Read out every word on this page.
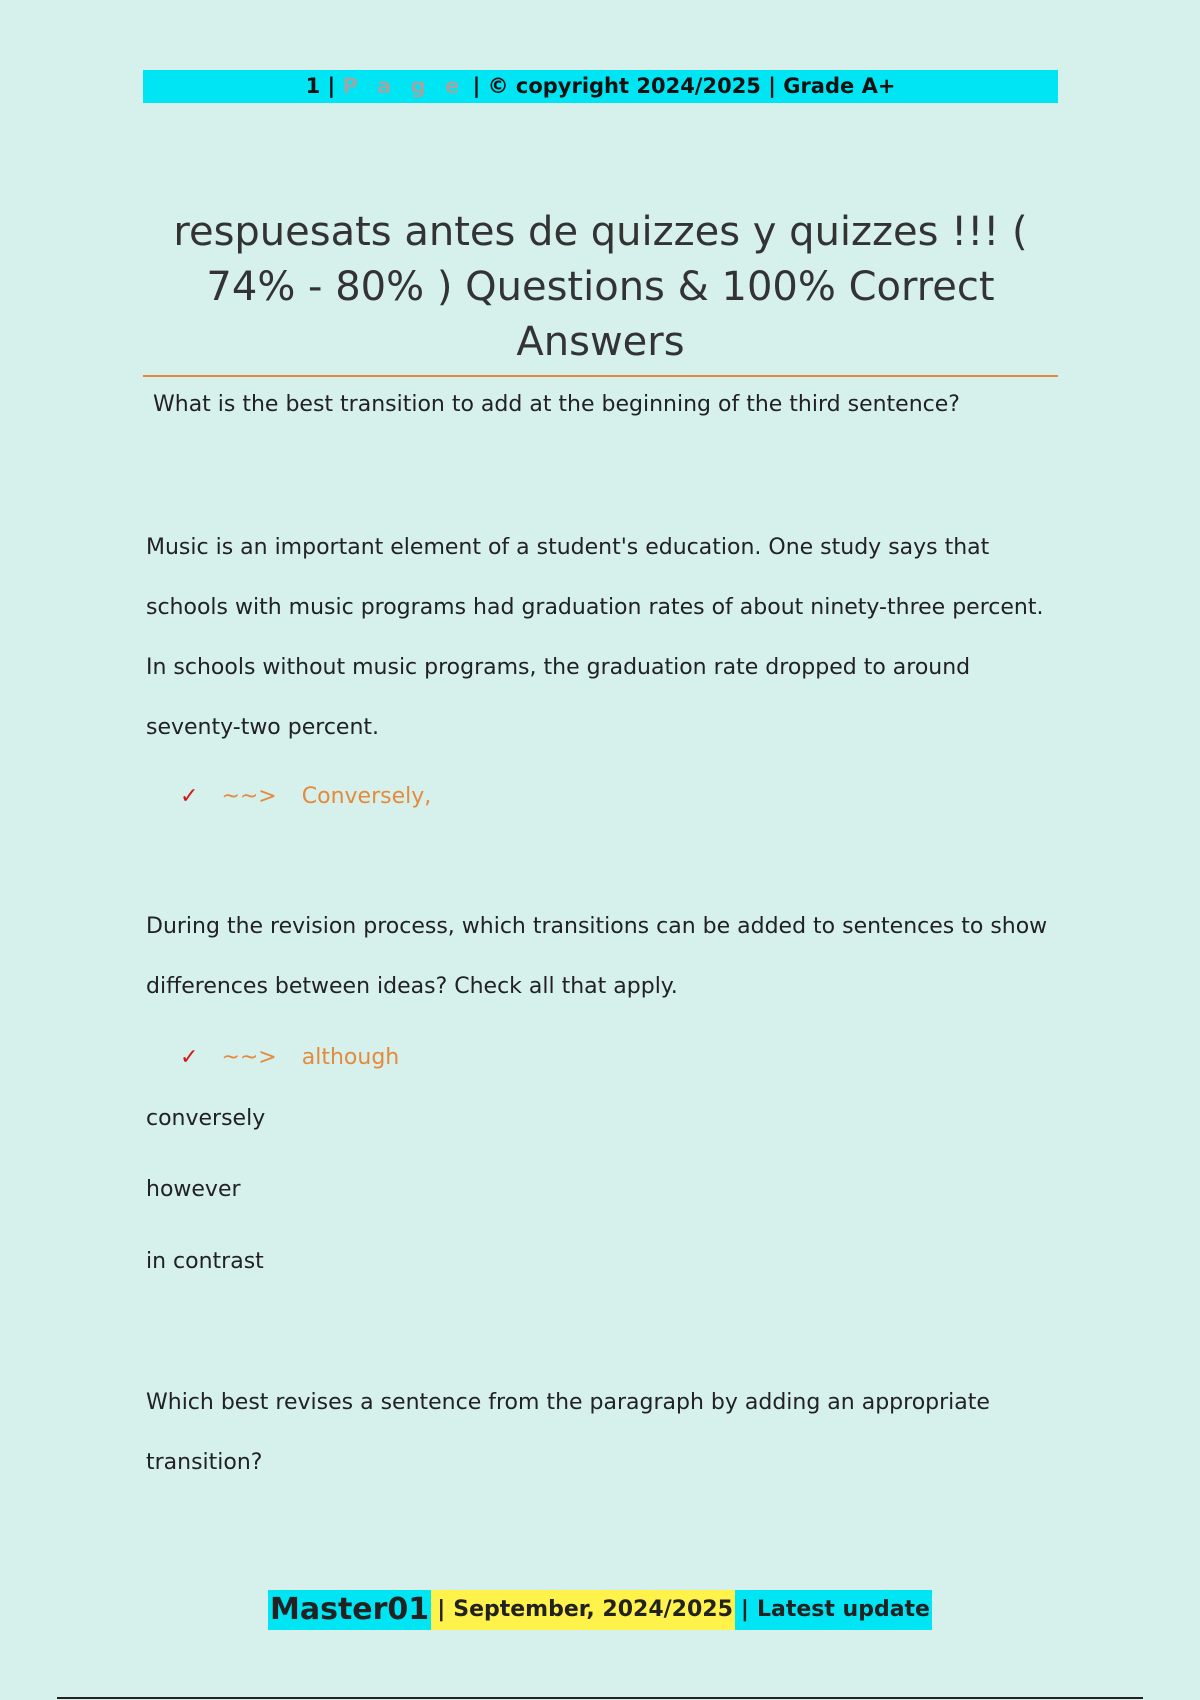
1 | P a g e | © copyright 2024/2025 | Grade A+
respuesats antes de quizzes y quizzes !!! ( 74% - 80% ) Questions & 100% Correct Answers
What is the best transition to add at the beginning of the third sentence?
Music is an important element of a student's education. One study says that schools with music programs had graduation rates of about ninety-three percent. In schools without music programs, the graduation rate dropped to around seventy-two percent.
✓ ~~> Conversely,
During the revision process, which transitions can be added to sentences to show differences between ideas? Check all that apply.
✓ ~~> although
conversely
however
in contrast
Which best revises a sentence from the paragraph by adding an appropriate transition?
Master01 | September, 2024/2025 | Latest update
